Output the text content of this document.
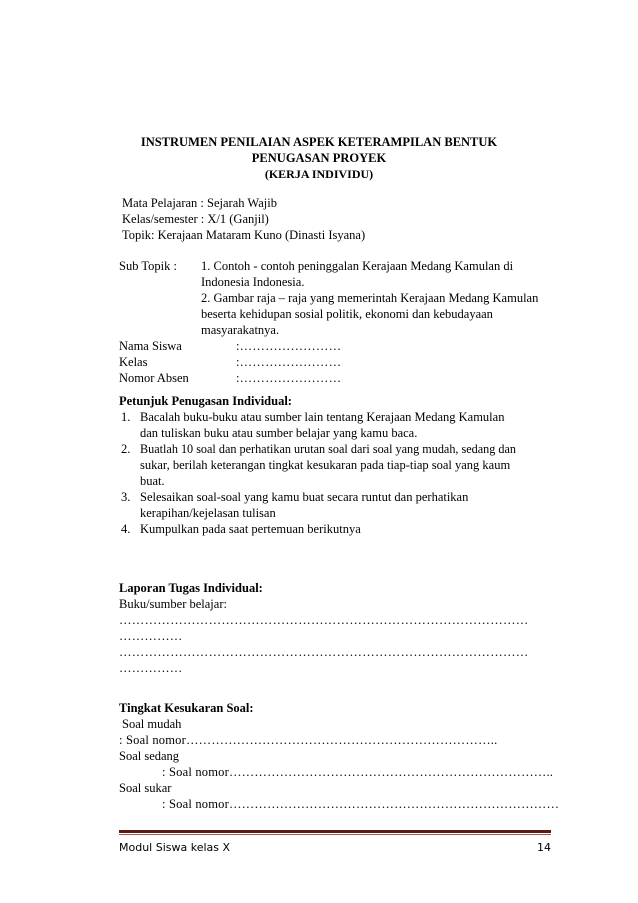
INSTRUMEN PENILAIAN ASPEK KETERAMPILAN BENTUK
PENUGASAN PROYEK
(KERJA INDIVIDU)
Mata Pelajaran : Sejarah Wajib
Kelas/semester : X/1 (Ganjil)
Topik: Kerajaan Mataram Kuno (Dinasti Isyana)
Sub Topik : 1. Contoh - contoh peninggalan Kerajaan Medang Kamulan di
Indonesia Indonesia.
2. Gambar raja – raja yang memerintah Kerajaan Medang Kamulan
beserta kehidupan sosial politik, ekonomi dan kebudayaan
masyarakatnya.
Nama Siswa	:……………………
Kelas	:……………………
Nomor Absen	:……………………
Petunjuk Penugasan Individual:
1. Bacalah buku-buku atau sumber lain tentang Kerajaan Medang Kamulan
dan tuliskan buku atau sumber belajar yang kamu baca.
2. Buatlah 10 soal dan perhatikan urutan soal dari soal yang mudah, sedang dan
sukar, berilah keterangan tingkat kesukaran pada tiap-tiap soal yang kaum
buat.
3. Selesaikan soal-soal yang kamu buat secara runtut dan perhatikan
kerapihan/kejelasan tulisan
4. Kumpulkan pada saat pertemuan berikutnya
Laporan Tugas Individual:
Buku/sumber belajar:
……………………………………………………………………………………
……………
……………………………………………………………………………………
……………
Tingkat Kesukaran Soal:
Soal mudah
: Soal nomor………………………………………………………………..
Soal sedang
: Soal nomor…………………………………………………………………..
Soal sukar
: Soal nomor……………………………………………………………………
Modul Siswa kelas X	14
